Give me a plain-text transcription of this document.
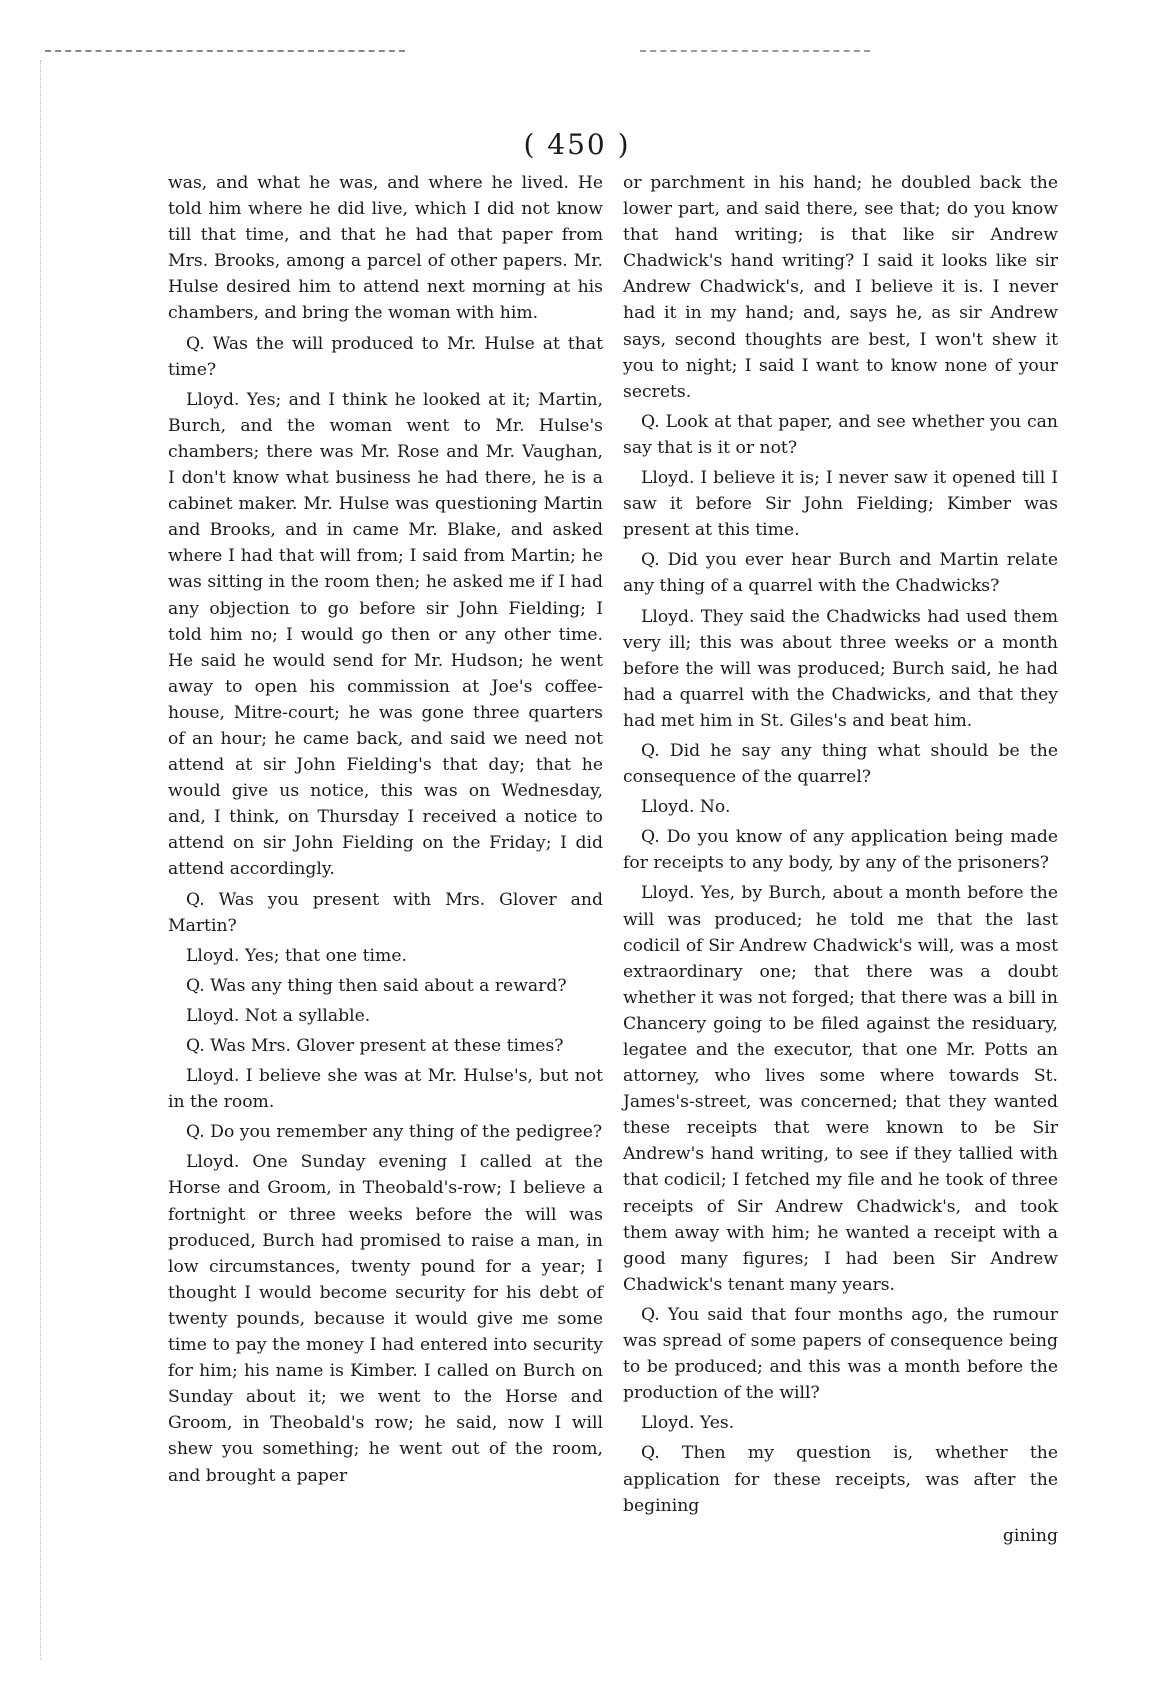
( 450 )

was, and what he was, and where he lived. He told him where he did live, which I did not know till that time, and that he had that paper from Mrs. Brooks, among a parcel of other papers. Mr. Hulse desired him to attend next morning at his chambers, and bring the woman with him.

Q. Was the will produced to Mr. Hulse at that time?

Lloyd. Yes; and I think he looked at it; Martin, Burch, and the woman went to Mr. Hulse's chambers; there was Mr. Rose and Mr. Vaughan, I don't know what business he had there, he is a cabinet maker. Mr. Hulse was questioning Martin and Brooks, and in came Mr. Blake, and asked where I had that will from; I said from Martin; he was sitting in the room then; he asked me if I had any objection to go before sir John Fielding; I told him no; I would go then or any other time. He said he would send for Mr. Hudson; he went away to open his commission at Joe's coffee-house, Mitre-court; he was gone three quarters of an hour; he came back, and said we need not attend at sir John Fielding's that day; that he would give us notice, this was on Wednesday, and, I think, on Thursday I received a notice to attend on sir John Fielding on the Friday; I did attend accordingly.

Q. Was you present with Mrs. Glover and Martin?

Lloyd. Yes; that one time.

Q. Was any thing then said about a reward?

Lloyd. Not a syllable.

Q. Was Mrs. Glover present at these times?

Lloyd. I believe she was at Mr. Hulse's, but not in the room.

Q. Do you remember any thing of the pedigree?

Lloyd. One Sunday evening I called at the Horse and Groom, in Theobald's-row; I believe a fortnight or three weeks before the will was produced, Burch had promised to raise a man, in low circumstances, twenty pound for a year; I thought I would become security for his debt of twenty pounds, because it would give me some time to pay the money I had entered into security for him; his name is Kimber. I called on Burch on Sunday about it; we went to the Horse and Groom, in Theobald's row; he said, now I will shew you something; he went out of the room, and brought a paper

or parchment in his hand; he doubled back the lower part, and said there, see that; do you know that hand writing; is that like sir Andrew Chadwick's hand writing? I said it looks like sir Andrew Chadwick's, and I believe it is. I never had it in my hand; and, says he, as sir Andrew says, second thoughts are best, I won't shew it you to night; I said I want to know none of your secrets.

Q. Look at that paper, and see whether you can say that is it or not?

Lloyd. I believe it is; I never saw it opened till I saw it before Sir John Fielding; Kimber was present at this time.

Q. Did you ever hear Burch and Martin relate any thing of a quarrel with the Chadwicks?

Lloyd. They said the Chadwicks had used them very ill; this was about three weeks or a month before the will was produced; Burch said, he had had a quarrel with the Chadwicks, and that they had met him in St. Giles's and beat him.

Q. Did he say any thing what should be the consequence of the quarrel?

Lloyd. No.

Q. Do you know of any application being made for receipts to any body, by any of the prisoners?

Lloyd. Yes, by Burch, about a month before the will was produced; he told me that the last codicil of Sir Andrew Chadwick's will, was a most extraordinary one; that there was a doubt whether it was not forged; that there was a bill in Chancery going to be filed against the residuary, legatee and the executor, that one Mr. Potts an attorney, who lives some where towards St. James's-street, was concerned; that they wanted these receipts that were known to be Sir Andrew's hand writing, to see if they tallied with that codicil; I fetched my file and he took of three receipts of Sir Andrew Chadwick's, and took them away with him; he wanted a receipt with a good many figures; I had been Sir Andrew Chadwick's tenant many years.

Q. You said that four months ago, the rumour was spread of some papers of consequence being to be produced; and this was a month before the production of the will?

Lloyd. Yes.

Q. Then my question is, whether the application for these receipts, was after the begining

gining
